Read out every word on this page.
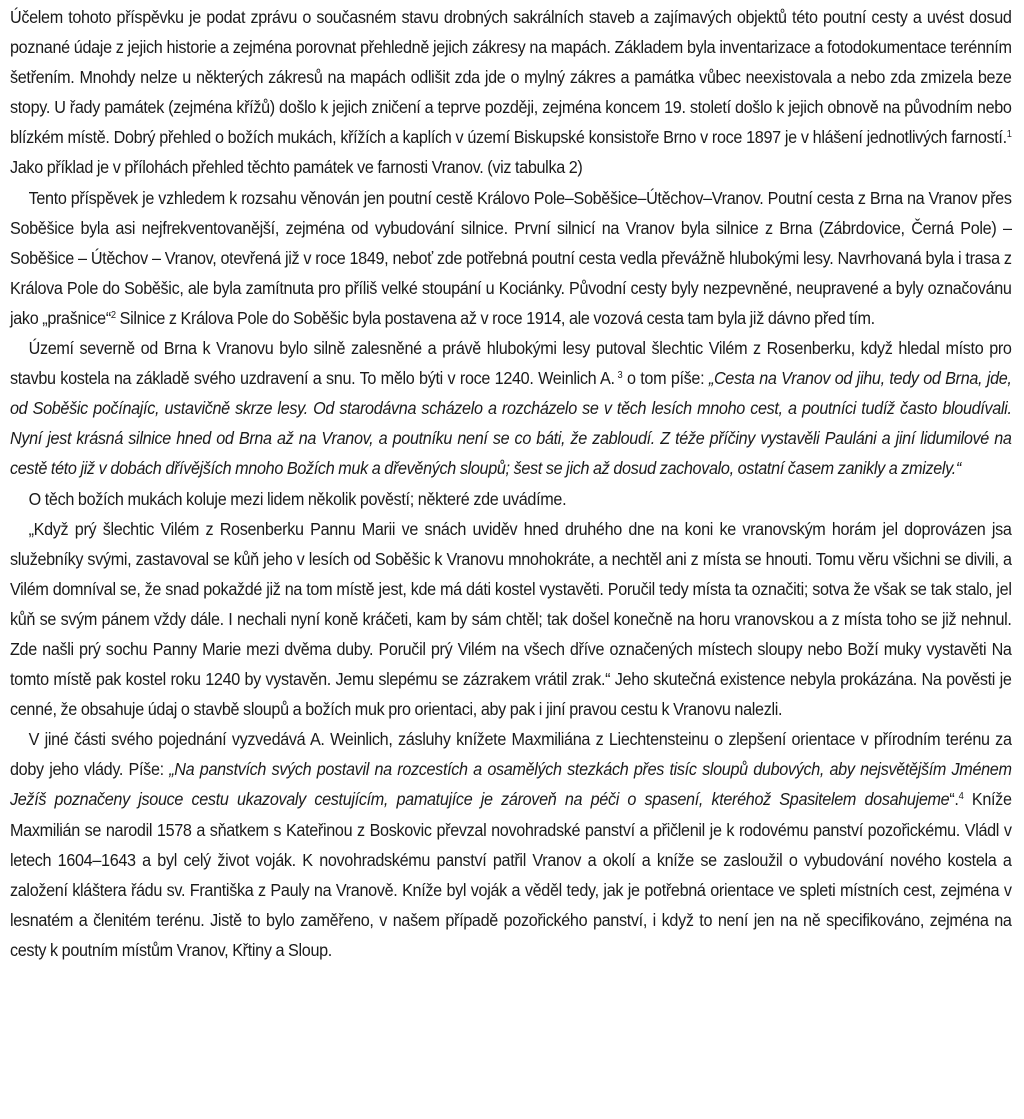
Účelem tohoto příspěvku je podat zprávu o současném stavu drobných sakrálních staveb a zajímavých objektů této poutní cesty a uvést dosud poznané údaje z jejich historie a zejména porovnat přehledně jejich zákresy na mapách. Základem byla inventarizace a fotodokumentace terénním šetřením. Mnohdy nelze u některých zákresů na mapách odlišit zda jde o mylný zákres a památka vůbec neexistovala a nebo zda zmizela beze stopy. U řady památek (zejména křížů) došlo k jejich zničení a teprve později, zejména koncem 19. století došlo k jejich obnově na původním nebo blízkém místě. Dobrý přehled o božích mukách, křížích a kaplích v území Biskupské konsistoře Brno v roce 1897 je v hlášení jednotlivých farností.$^1$ Jako příklad je v přílohách přehled těchto památek ve farnosti Vranov. (viz tabulka 2)

Tento příspěvek je vzhledem k rozsahu věnován jen poutní cestě Královo Pole–Soběšice–Útěchov–Vranov. Poutní cesta z Brna na Vranov přes Soběšice byla asi nejfrekventovanější, zejména od vybudování silnice. První silnicí na Vranov byla silnice z Brna (Zábrdovice, Černá Pole) – Soběšice – Útěchov – Vranov, otevřená již v roce 1849, neboť zde potřebná poutní cesta vedla převážně hlubokými lesy. Navrhovaná byla i trasa z Králova Pole do Soběšic, ale byla zamítnuta pro příliš velké stoupání u Kociánky. Původní cesty byly nezpevněné, neupravené a byly označovánu jako „prašnice“$^2$ Silnice z Králova Pole do Soběšic byla postavena až v roce 1914, ale vozová cesta tam byla již dávno před tím.

Území severně od Brna k Vranovu bylo silně zalesněné a právě hlubokými lesy putoval šlechtic Vilém z Rosenberku, když hledal místo pro stavbu kostela na základě svého uzdravení a snu. To mělo býti v roce 1240. Weinlich A. $^3$ o tom píše: „Cesta na Vranov od jihu, tedy od Brna, jde, od Soběšic počínajíc, ustavičně skrze lesy. Od starodávna scházelo a rozcházelo se v těch lesích mnoho cest, a poutníci tudíž často bloudívali. Nyní jest krásná silnice hned od Brna až na Vranov, a poutníku není se co báti, že zabloudí. Z téže příčiny vystavěli Pauláni a jiní lidumilové na cestě této již v dobách dřívějších mnoho Božích muk a dřevěných sloupů; šest se jich až dosud zachovalo, ostatní časem zanikly a zmizely.“

O těch božích mukách koluje mezi lidem několik pověstí; některé zde uvádíme.

„Když prý šlechtic Vilém z Rosenberku Pannu Marii ve snách uviděv hned druhého dne na koni ke vranovským horám jel doprovázen jsa služebníky svými, zastavoval se kůň jeho v lesích od Soběšic k Vranovu mnohokráte, a nechtěl ani z místa se hnouti. Tomu věru všichni se divili, a Vilém domníval se, že snad pokaždé již na tom místě jest, kde má dáti kostel vystavěti. Poručil tedy místa ta označiti; sotva že však se tak stalo, jel kůň se svým pánem vždy dále. I nechali nyní koně kráčeti, kam by sám chtěl; tak došel konečně na horu vranovskou a z místa toho se již nehnul. Zde našli prý sochu Panny Marie mezi dvěma duby. Poručil prý Vilém na všech dříve označených místech sloupy nebo Boží muky vystavěti Na tomto místě pak kostel roku 1240 by vystavěn. Jemu slepému se zázrakem vrátil zrak.“ Jeho skutečná existence nebyla prokázána. Na pověsti je cenné, že obsahuje údaj o stavbě sloupů a božích muk pro orientaci, aby pak i jiní pravou cestu k Vranovu nalezli.

V jiné části svého pojednání vyzvedává A. Weinlich, zásluhy knížete Maxmiliána z Liechtensteinu o zlepšení orientace v přírodním terénu za doby jeho vlády. Píše: „Na panstvích svých postavil na rozcestích a osamělých stezkách přes tisíc sloupů dubových, aby nejsvětějším Jménem Ježíš poznačeny jsouce cestu ukazovaly cestujícím, pamatujíce je zároveň na péči o spasení, kteréhož Spasitelem dosahujeme“.$^4$ Kníže Maxmilián se narodil 1578 a sňatkem s Kateřinou z Boskovic převzal novohradské panství a přičlenil je k rodovému panství pozořickému. Vládl v letech 1604–1643 a byl celý život voják. K novohradskému panství patřil Vranov a okolí a kníže se zasloužil o vybudování nového kostela a založení kláštera řádu sv. Františka z Pauly na Vranově. Kníže byl voják a věděl tedy, jak je potřebná orientace ve spleti místních cest, zejména v lesnatém a členitém terénu. Jistě to bylo zaměřeno, v našem případě pozořického panství, i když to není jen na ně specifikováno, zejména na cesty k poutním místům Vranov, Křtiny a Sloup.
